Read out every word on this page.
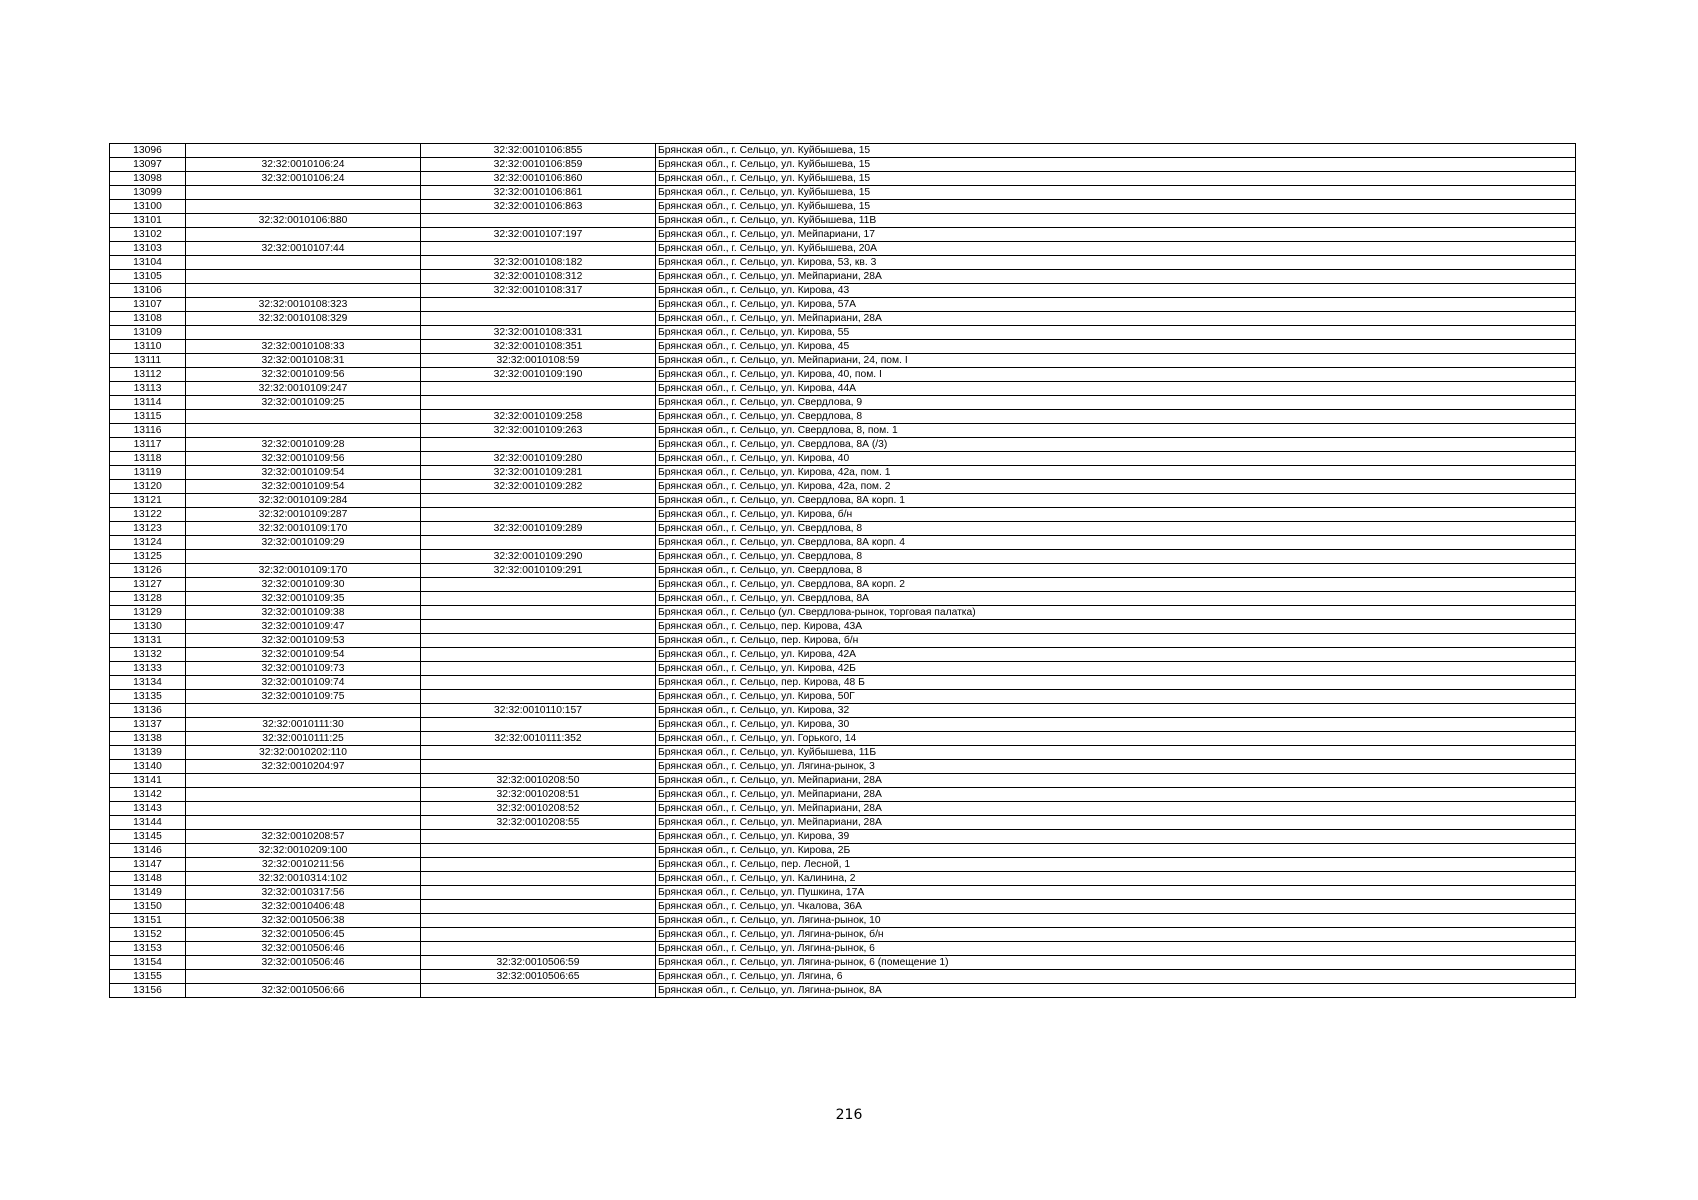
13096		32:32:0010106:855	Брянская обл., г. Сельцо, ул. Куйбышева, 15
13097	32:32:0010106:24	32:32:0010106:859	Брянская обл., г. Сельцо, ул. Куйбышева, 15
13098	32:32:0010106:24	32:32:0010106:860	Брянская обл., г. Сельцо, ул. Куйбышева, 15
13099		32:32:0010106:861	Брянская обл., г. Сельцо, ул. Куйбышева, 15
13100		32:32:0010106:863	Брянская обл., г. Сельцо, ул. Куйбышева, 15
13101	32:32:0010106:880		Брянская обл., г. Сельцо, ул. Куйбышева, 11В
13102		32:32:0010107:197	Брянская обл., г. Сельцо, ул. Мейпариани, 17
13103	32:32:0010107:44		Брянская обл., г. Сельцо, ул. Куйбышева, 20А
13104		32:32:0010108:182	Брянская обл., г. Сельцо, ул. Кирова, 53, кв. 3
13105		32:32:0010108:312	Брянская обл., г. Сельцо, ул. Мейпариани, 28А
13106		32:32:0010108:317	Брянская обл., г. Сельцо, ул. Кирова, 43
13107	32:32:0010108:323		Брянская обл., г. Сельцо, ул. Кирова, 57А
13108	32:32:0010108:329		Брянская обл., г. Сельцо, ул. Мейпариани, 28А
13109		32:32:0010108:331	Брянская обл., г. Сельцо, ул. Кирова, 55
13110	32:32:0010108:33	32:32:0010108:351	Брянская обл., г. Сельцо, ул. Кирова, 45
13111	32:32:0010108:31	32:32:0010108:59	Брянская обл., г. Сельцо, ул. Мейпариани, 24, пом. I
13112	32:32:0010109:56	32:32:0010109:190	Брянская обл., г. Сельцо, ул. Кирова, 40, пом. I
13113	32:32:0010109:247		Брянская обл., г. Сельцо, ул. Кирова, 44А
13114	32:32:0010109:25		Брянская обл., г. Сельцо, ул. Свердлова, 9
13115		32:32:0010109:258	Брянская обл., г. Сельцо, ул. Свердлова, 8
13116		32:32:0010109:263	Брянская обл., г. Сельцо, ул. Свердлова, 8, пом. 1
13117	32:32:0010109:28		Брянская обл., г. Сельцо, ул. Свердлова, 8А (/3)
13118	32:32:0010109:56	32:32:0010109:280	Брянская обл., г. Сельцо, ул. Кирова, 40
13119	32:32:0010109:54	32:32:0010109:281	Брянская обл., г. Сельцо, ул. Кирова, 42а, пом. 1
13120	32:32:0010109:54	32:32:0010109:282	Брянская обл., г. Сельцо, ул. Кирова, 42а, пом. 2
13121	32:32:0010109:284		Брянская обл., г. Сельцо, ул. Свердлова, 8А корп. 1
13122	32:32:0010109:287		Брянская обл., г. Сельцо, ул. Кирова, б/н
13123	32:32:0010109:170	32:32:0010109:289	Брянская обл., г. Сельцо, ул. Свердлова, 8
13124	32:32:0010109:29		Брянская обл., г. Сельцо, ул. Свердлова, 8А корп. 4
13125		32:32:0010109:290	Брянская обл., г. Сельцо, ул. Свердлова, 8
13126	32:32:0010109:170	32:32:0010109:291	Брянская обл., г. Сельцо, ул. Свердлова, 8
13127	32:32:0010109:30		Брянская обл., г. Сельцо, ул. Свердлова, 8А корп. 2
13128	32:32:0010109:35		Брянская обл., г. Сельцо, ул. Свердлова, 8А
13129	32:32:0010109:38		Брянская обл., г. Сельцо (ул. Свердлова-рынок, торговая палатка)
13130	32:32:0010109:47		Брянская обл., г. Сельцо, пер. Кирова, 43А
13131	32:32:0010109:53		Брянская обл., г. Сельцо, пер. Кирова, б/н
13132	32:32:0010109:54		Брянская обл., г. Сельцо, ул. Кирова, 42А
13133	32:32:0010109:73		Брянская обл., г. Сельцо, ул. Кирова, 42Б
13134	32:32:0010109:74		Брянская обл., г. Сельцо, пер. Кирова, 48 Б
13135	32:32:0010109:75		Брянская обл., г. Сельцо, ул. Кирова, 50Г
13136		32:32:0010110:157	Брянская обл., г. Сельцо, ул. Кирова, 32
13137	32:32:0010111:30		Брянская обл., г. Сельцо, ул. Кирова, 30
13138	32:32:0010111:25	32:32:0010111:352	Брянская обл., г. Сельцо, ул. Горького, 14
13139	32:32:0010202:110		Брянская обл., г. Сельцо, ул. Куйбышева, 11Б
13140	32:32:0010204:97		Брянская обл., г. Сельцо, ул. Лягина-рынок, 3
13141		32:32:0010208:50	Брянская обл., г. Сельцо, ул. Мейпариани, 28А
13142		32:32:0010208:51	Брянская обл., г. Сельцо, ул. Мейпариани, 28А
13143		32:32:0010208:52	Брянская обл., г. Сельцо, ул. Мейпариани, 28А
13144		32:32:0010208:55	Брянская обл., г. Сельцо, ул. Мейпариани, 28А
13145	32:32:0010208:57		Брянская обл., г. Сельцо, ул. Кирова, 39
13146	32:32:0010209:100		Брянская обл., г. Сельцо, ул. Кирова, 2Б
13147	32:32:0010211:56		Брянская обл., г. Сельцо, пер. Лесной, 1
13148	32:32:0010314:102		Брянская обл., г. Сельцо, ул. Калинина, 2
13149	32:32:0010317:56		Брянская обл., г. Сельцо, ул. Пушкина, 17А
13150	32:32:0010406:48		Брянская обл., г. Сельцо, ул. Чкалова, 36А
13151	32:32:0010506:38		Брянская обл., г. Сельцо, ул. Лягина-рынок, 10
13152	32:32:0010506:45		Брянская обл., г. Сельцо, ул. Лягина-рынок, б/н
13153	32:32:0010506:46		Брянская обл., г. Сельцо, ул. Лягина-рынок, 6
13154	32:32:0010506:46	32:32:0010506:59	Брянская обл., г. Сельцо, ул. Лягина-рынок, 6 (помещение 1)
13155		32:32:0010506:65	Брянская обл., г. Сельцо, ул. Лягина, 6
13156	32:32:0010506:66		Брянская обл., г. Сельцо, ул. Лягина-рынок, 8А
216
